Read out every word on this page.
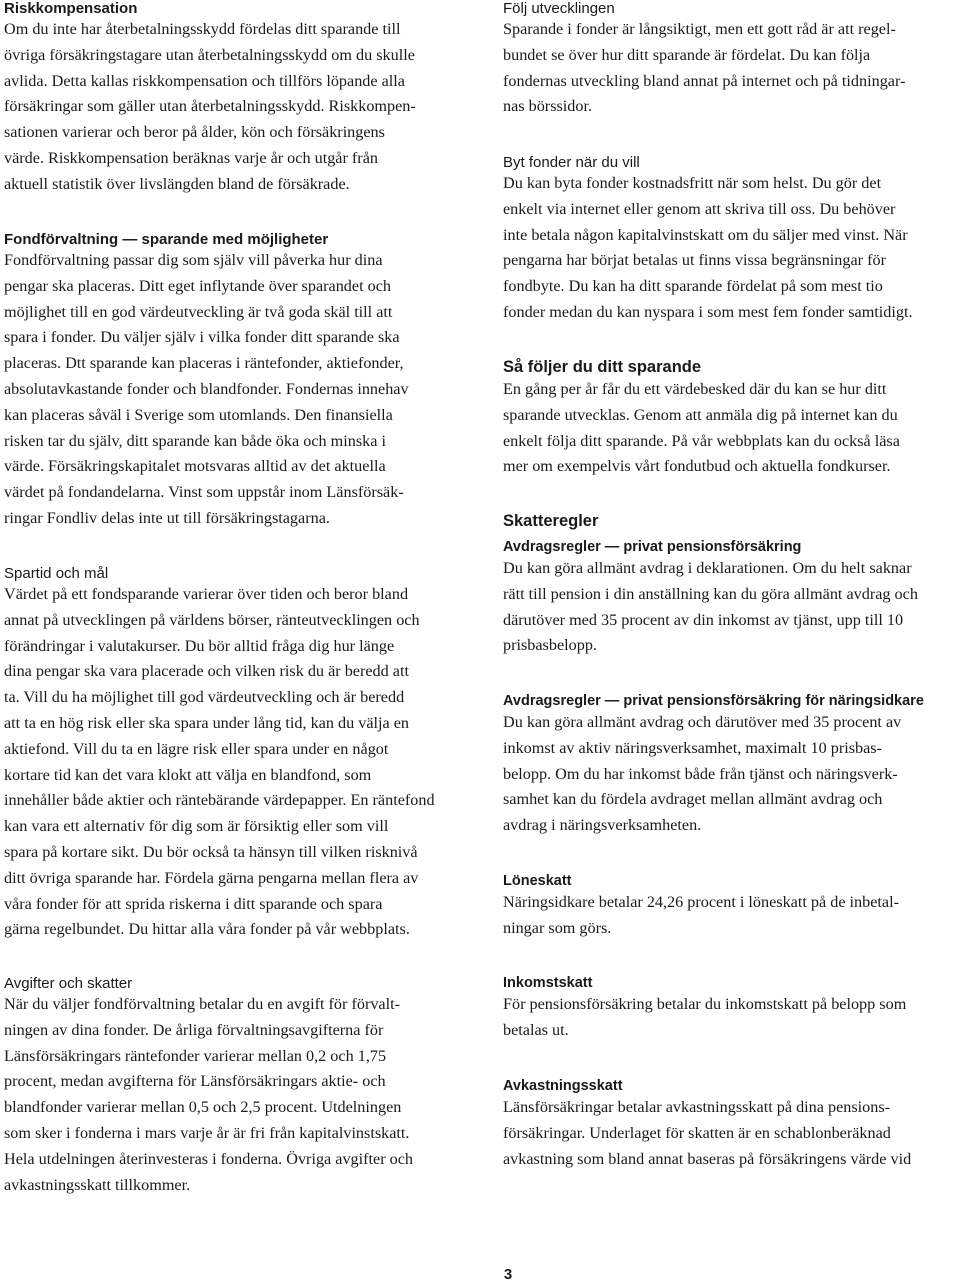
Riskkompensation

Om du inte har återbetalningsskydd fördelas ditt sparande till
övriga försäkringstagare utan återbetalningsskydd om du skulle
avlida. Detta kallas riskkompensation och tillförs löpande alla
försäkringar som gäller utan återbetalningsskydd. Riskkompen-
sationen varierar och beror på ålder, kön och försäkringens
värde. Riskkompensation beräknas varje år och utgår från
aktuell statistik över livslängden bland de försäkrade.

Fondförvaltning — sparande med möjligheter

Fondförvaltning passar dig som själv vill påverka hur dina
pengar ska placeras. Ditt eget inflytande över sparandet och
möjlighet till en god värdeutveckling är två goda skäl till att
spara i fonder. Du väljer själv i vilka fonder ditt sparande ska
placeras. Dtt sparande kan placeras i räntefonder, aktiefonder,
absolutavkastande fonder och blandfonder. Fondernas innehav
kan placeras såväl i Sverige som utomlands. Den finansiella
risken tar du själv, ditt sparande kan både öka och minska i
värde. Försäkringskapitalet motsvaras alltid av det aktuella
värdet på fondandelarna. Vinst som uppstår inom Länsförsäk-
ringar Fondliv delas inte ut till försäkringstagarna.

Spartid och mål

Värdet på ett fondsparande varierar över tiden och beror bland
annat på utvecklingen på världens börser, ränteutvecklingen och
förändringar i valutakurser. Du bör alltid fråga dig hur länge
dina pengar ska vara placerade och vilken risk du är beredd att
ta. Vill du ha möjlighet till god värdeutveckling och är beredd
att ta en hög risk eller ska spara under lång tid, kan du välja en
aktiefond. Vill du ta en lägre risk eller spara under en något
kortare tid kan det vara klokt att välja en blandfond, som
innehåller både aktier och räntebärande värdepapper. En räntefond
kan vara ett alternativ för dig som är försiktig eller som vill
spara på kortare sikt. Du bör också ta hänsyn till vilken risknivå
ditt övriga sparande har. Fördela gärna pengarna mellan flera av
våra fonder för att sprida riskerna i ditt sparande och spara
gärna regelbundet. Du hittar alla våra fonder på vår webbplats.

Avgifter och skatter

När du väljer fondförvaltning betalar du en avgift för förvalt-
ningen av dina fonder. De årliga förvaltningsavgifterna för
Länsförsäkringars räntefonder varierar mellan 0,2 och 1,75
procent, medan avgifterna för Länsförsäkringars aktie- och
blandfonder varierar mellan 0,5 och 2,5 procent. Utdelningen
som sker i fonderna i mars varje år är fri från kapitalvinstskatt.
Hela utdelningen återinvesteras i fonderna. Övriga avgifter och
avkastningsskatt tillkommer.

Följ utvecklingen

Sparande i fonder är långsiktigt, men ett gott råd är att regel-
bundet se över hur ditt sparande är fördelat. Du kan följa
fondernas utveckling bland annat på internet och på tidningar-
nas börssidor.

Byt fonder när du vill

Du kan byta fonder kostnadsfritt när som helst. Du gör det
enkelt via internet eller genom att skriva till oss. Du behöver
inte betala någon kapitalvinstskatt om du säljer med vinst. När
pengarna har börjat betalas ut finns vissa begränsningar för
fondbyte. Du kan ha ditt sparande fördelat på som mest tio
fonder medan du kan nyspara i som mest fem fonder samtidigt.

Så följer du ditt sparande

En gång per år får du ett värdebesked där du kan se hur ditt
sparande utvecklas. Genom att anmäla dig på internet kan du
enkelt följa ditt sparande. På vår webbplats kan du också läsa
mer om exempelvis vårt fondutbud och aktuella fondkurser.

Skatteregler
Avdragsregler — privat pensionsförsäkring

Du kan göra allmänt avdrag i deklarationen. Om du helt saknar
rätt till pension i din anställning kan du göra allmänt avdrag och
därutöver med 35 procent av din inkomst av tjänst, upp till 10
prisbasbelopp.

Avdragsregler — privat pensionsförsäkring för näringsidkare

Du kan göra allmänt avdrag och därutöver med 35 procent av
inkomst av aktiv näringsverksamhet, maximalt 10 prisbas-
belopp. Om du har inkomst både från tjänst och näringsverk-
samhet kan du fördela avdraget mellan allmänt avdrag och
avdrag i näringsverksamheten.

Löneskatt

Näringsidkare betalar 24,26 procent i löneskatt på de inbetal-
ningar som görs.

Inkomstskatt

För pensionsförsäkring betalar du inkomstskatt på belopp som
betalas ut.

Avkastningsskatt

Länsförsäkringar betalar avkastningsskatt på dina pensions-
försäkringar. Underlaget för skatten är en schablonberäknad
avkastning som bland annat baseras på försäkringens värde vid

3
